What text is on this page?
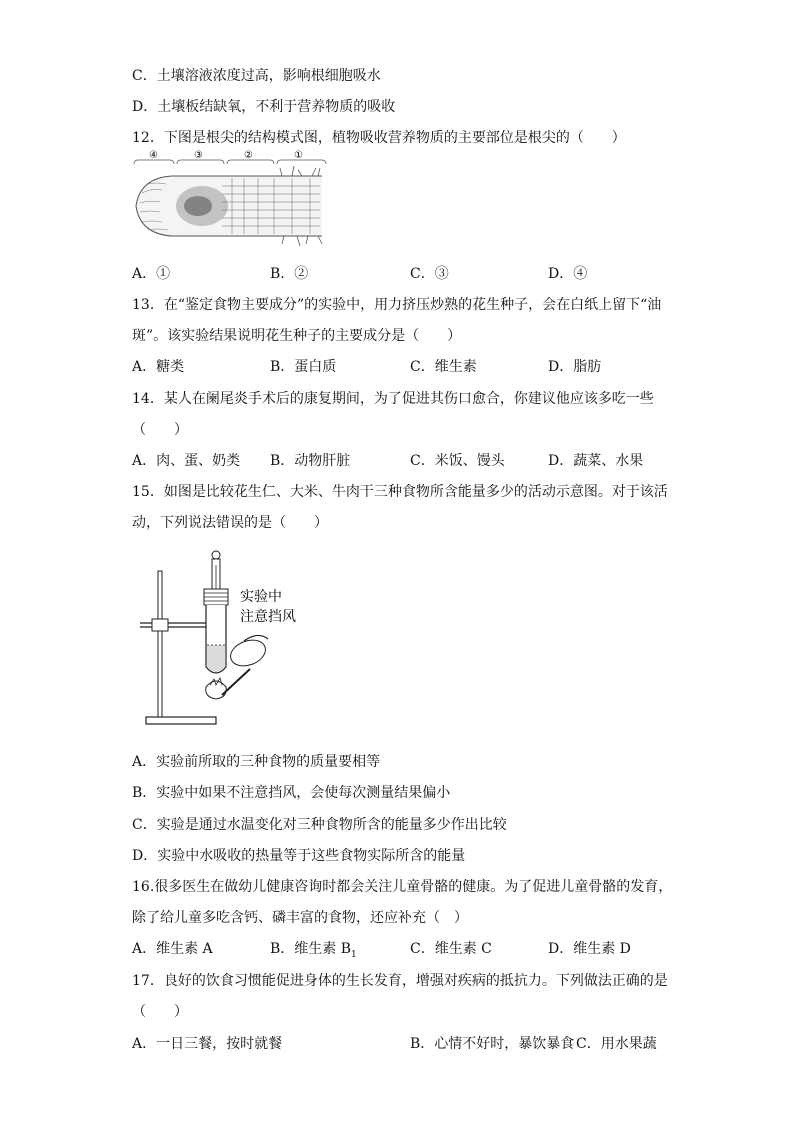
C．土壤溶液浓度过高，影响根细胞吸水
D．土壤板结缺氧，不利于营养物质的吸收
12．下图是根尖的结构模式图，植物吸收营养物质的主要部位是根尖的（　　）
④	③	②	①
A．①	B．②	C．③	D．④
13．在“鉴定食物主要成分”的实验中，用力挤压炒熟的花生种子，会在白纸上留下“油
斑”。该实验结果说明花生种子的主要成分是（　　）
A．糖类	B．蛋白质	C．维生素	D．脂肪
14．某人在阑尾炎手术后的康复期间，为了促进其伤口愈合，你建议他应该多吃一些
（　　）
A．肉、蛋、奶类 B．动物肝脏	C．米饭、馒头	D．蔬菜、水果
15．如图是比较花生仁、大米、牛肉干三种食物所含能量多少的活动示意图。对于该活
动，下列说法错误的是（　　）
实验中
注意挡风
A．实验前所取的三种食物的质量要相等
B．实验中如果不注意挡风，会使每次测量结果偏小
C．实验是通过水温变化对三种食物所含的能量多少作出比较
D．实验中水吸收的热量等于这些食物实际所含的能量
16.很多医生在做幼儿健康咨询时都会关注儿童骨骼的健康。为了促进儿童骨骼的发育，
除了给儿童多吃含钙、磷丰富的食物，还应补充（　）
A．维生素 A	B．维生素 $B_1$	C．维生素 C	D．维生素 D
17．良好的饮食习惯能促进身体的生长发育，增强对疾病的抵抗力。下列做法正确的是
（　　）
A．一日三餐，按时就餐	B．心情不好时，暴饮暴食 C．用水果蔬
